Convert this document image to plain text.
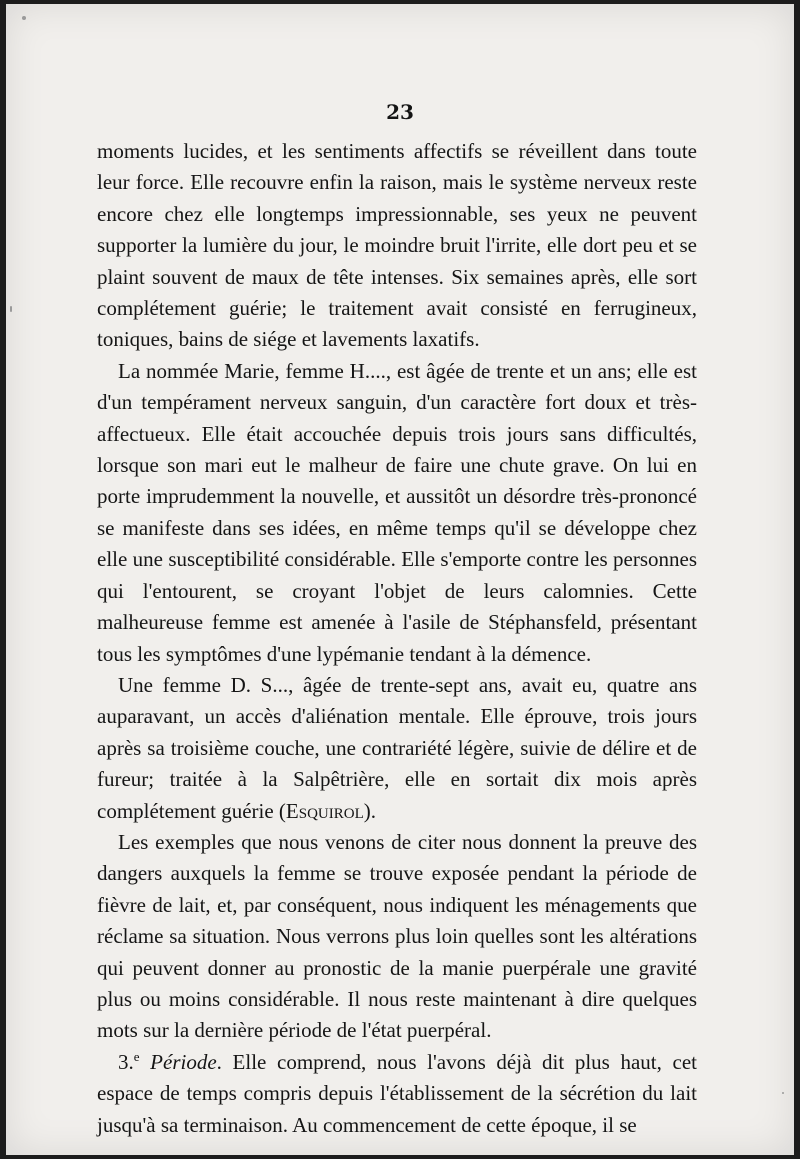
23

moments lucides, et les sentiments affectifs se réveillent dans toute leur force. Elle recouvre enfin la raison, mais le système nerveux reste encore chez elle longtemps impressionnable, ses yeux ne peuvent supporter la lumière du jour, le moindre bruit l'irrite, elle dort peu et se plaint souvent de maux de tête intenses. Six semaines après, elle sort complétement guérie; le traitement avait consisté en ferrugineux, toniques, bains de siége et lavements laxatifs.

La nommée Marie, femme H...., est âgée de trente et un ans; elle est d'un tempérament nerveux sanguin, d'un caractère fort doux et très-affectueux. Elle était accouchée depuis trois jours sans difficultés, lorsque son mari eut le malheur de faire une chute grave. On lui en porte imprudemment la nouvelle, et aussitôt un désordre très-prononcé se manifeste dans ses idées, en même temps qu'il se développe chez elle une susceptibilité considérable. Elle s'emporte contre les personnes qui l'entourent, se croyant l'objet de leurs calomnies. Cette malheureuse femme est amenée à l'asile de Stéphansfeld, présentant tous les symptômes d'une lypémanie tendant à la démence.

Une femme D. S..., âgée de trente-sept ans, avait eu, quatre ans auparavant, un accès d'aliénation mentale. Elle éprouve, trois jours après sa troisième couche, une contrariété légère, suivie de délire et de fureur; traitée à la Salpêtrière, elle en sortait dix mois après complétement guérie (Esquirol).

Les exemples que nous venons de citer nous donnent la preuve des dangers auxquels la femme se trouve exposée pendant la période de fièvre de lait, et, par conséquent, nous indiquent les ménagements que réclame sa situation. Nous verrons plus loin quelles sont les altérations qui peuvent donner au pronostic de la manie puerpérale une gravité plus ou moins considérable. Il nous reste maintenant à dire quelques mots sur la dernière période de l'état puerpéral.

3.$^e$ Période. Elle comprend, nous l'avons déjà dit plus haut, cet espace de temps compris depuis l'établissement de la sécrétion du lait jusqu'à sa terminaison. Au commencement de cette époque, il se
